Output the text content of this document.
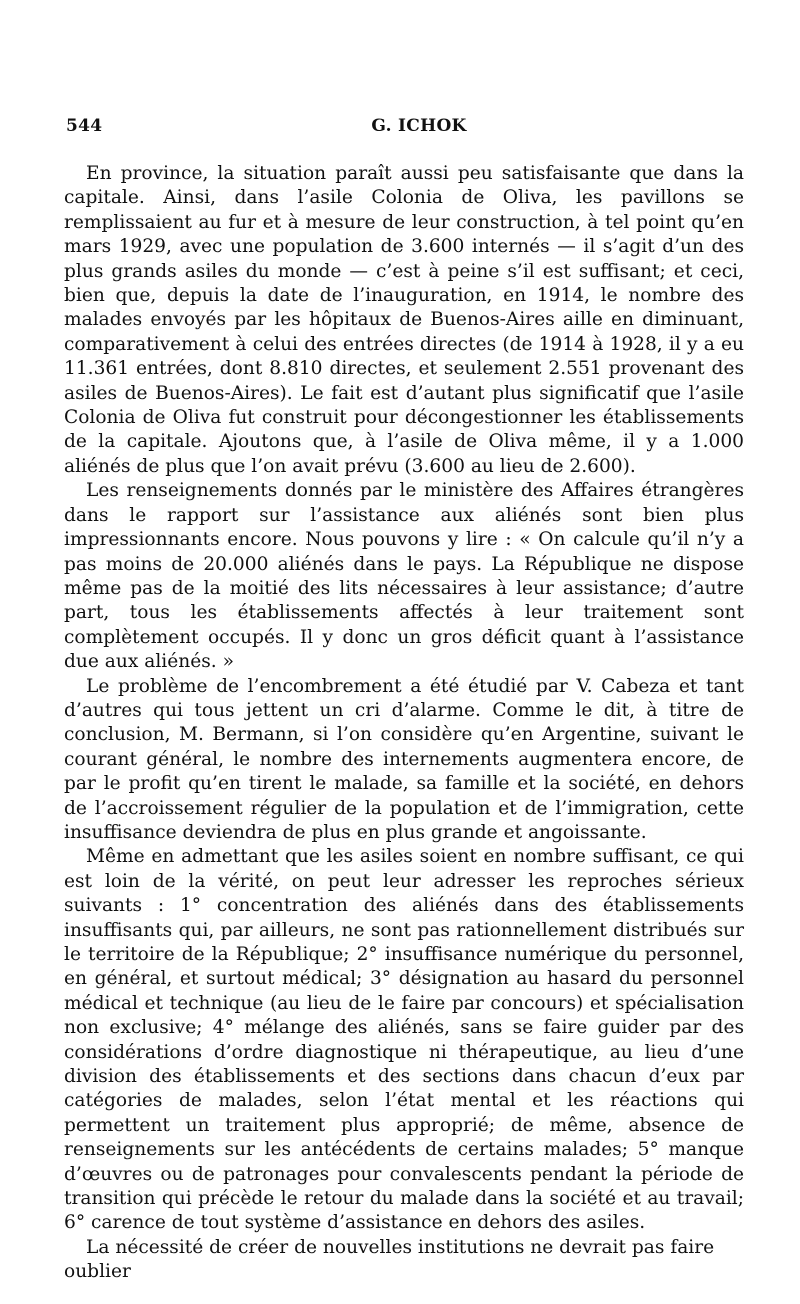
544	G. ICHOK

En province, la situation paraît aussi peu satisfaisante que dans la capitale. Ainsi, dans l’asile Colonia de Oliva, les pavillons se remplissaient au fur et à mesure de leur construction, à tel point qu’en mars 1929, avec une population de 3.600 internés — il s’agit d’un des plus grands asiles du monde — c’est à peine s’il est suffisant; et ceci, bien que, depuis la date de l’inauguration, en 1914, le nombre des malades envoyés par les hôpitaux de Buenos-Aires aille en diminuant, comparativement à celui des entrées directes (de 1914 à 1928, il y a eu 11.361 entrées, dont 8.810 directes, et seulement 2.551 provenant des asiles de Buenos-Aires). Le fait est d’autant plus significatif que l’asile Colonia de Oliva fut construit pour décongestionner les établissements de la capitale. Ajoutons que, à l’asile de Oliva même, il y a 1.000 aliénés de plus que l’on avait prévu (3.600 au lieu de 2.600).

Les renseignements donnés par le ministère des Affaires étrangères dans le rapport sur l’assistance aux aliénés sont bien plus impressionnants encore. Nous pouvons y lire : « On calcule qu’il n’y a pas moins de 20.000 aliénés dans le pays. La République ne dispose même pas de la moitié des lits nécessaires à leur assistance; d’autre part, tous les établissements affectés à leur traitement sont complètement occupés. Il y donc un gros déficit quant à l’assistance due aux aliénés. »

Le problème de l’encombrement a été étudié par V. Cabeza et tant d’autres qui tous jettent un cri d’alarme. Comme le dit, à titre de conclusion, M. Bermann, si l’on considère qu’en Argentine, suivant le courant général, le nombre des internements augmentera encore, de par le profit qu’en tirent le malade, sa famille et la société, en dehors de l’accroissement régulier de la population et de l’immigration, cette insuffisance deviendra de plus en plus grande et angoissante.

Même en admettant que les asiles soient en nombre suffisant, ce qui est loin de la vérité, on peut leur adresser les reproches sérieux suivants : 1° concentration des aliénés dans des établissements insuffisants qui, par ailleurs, ne sont pas rationnellement distribués sur le territoire de la République; 2° insuffisance numérique du personnel, en général, et surtout médical; 3° désignation au hasard du personnel médical et technique (au lieu de le faire par concours) et spécialisation non exclusive; 4° mélange des aliénés, sans se faire guider par des considérations d’ordre diagnostique ni thérapeutique, au lieu d’une division des établissements et des sections dans chacun d’eux par catégories de malades, selon l’état mental et les réactions qui permettent un traitement plus approprié; de même, absence de renseignements sur les antécédents de certains malades; 5° manque d’œuvres ou de patronages pour convalescents pendant la période de transition qui précède le retour du malade dans la société et au travail; 6° carence de tout système d’assistance en dehors des asiles.

La nécessité de créer de nouvelles institutions ne devrait pas faire oublier
